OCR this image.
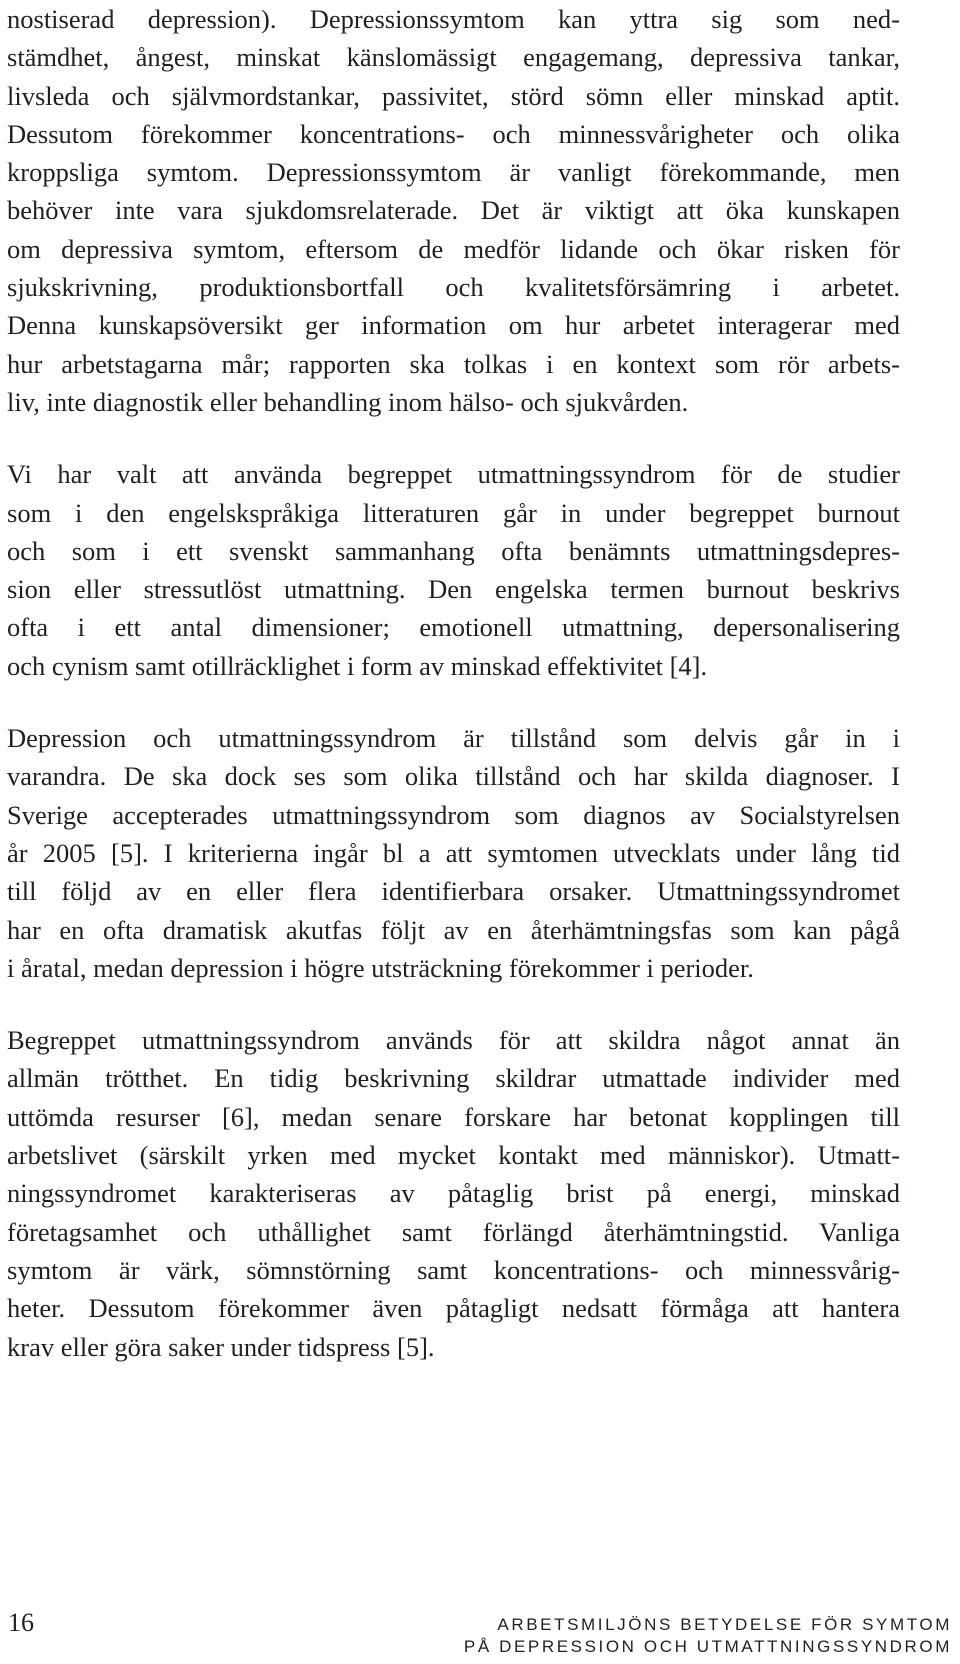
nostiserad depression). Depressionssymtom kan yttra sig som ned-
stämdhet, ångest, minskat känslomässigt engagemang, depressiva tankar,
livsleda och självmordstankar, passivitet, störd sömn eller minskad aptit.
Dessutom förekommer koncentrations- och minnessvårigheter och olika
kroppsliga symtom. Depressionssymtom är vanligt förekommande, men
behöver inte vara sjukdomsrelaterade. Det är viktigt att öka kunskapen
om depressiva symtom, eftersom de medför lidande och ökar risken för
sjukskrivning, produktionsbortfall och kvalitetsförsämring i arbetet.
Denna kunskapsöversikt ger information om hur arbetet interagerar med
hur arbetstagarna mår; rapporten ska tolkas i en kontext som rör arbets-
liv, inte diagnostik eller behandling inom hälso- och sjukvården.
Vi har valt att använda begreppet utmattningssyndrom för de studier
som i den engelskspråkiga litteraturen går in under begreppet burnout
och som i ett svenskt sammanhang ofta benämnts utmattningsdepres-
sion eller stressutlöst utmattning. Den engelska termen burnout beskrivs
ofta i ett antal dimensioner; emotionell utmattning, depersonalisering
och cynism samt otillräcklighet i form av minskad effektivitet [4].
Depression och utmattningssyndrom är tillstånd som delvis går in i
varandra. De ska dock ses som olika tillstånd och har skilda diagnoser. I
Sverige accepterades utmattningssyndrom som diagnos av Socialstyrelsen
år 2005 [5]. I kriterierna ingår bl a att symtomen utvecklats under lång tid
till följd av en eller flera identifierbara orsaker. Utmattningssyndromet
har en ofta dramatisk akutfas följt av en återhämtningsfas som kan pågå
i åratal, medan depression i högre utsträckning förekommer i perioder.
Begreppet utmattningssyndrom används för att skildra något annat än
allmän trötthet. En tidig beskrivning skildrar utmattade individer med
uttömda resurser [6], medan senare forskare har betonat kopplingen till
arbetslivet (särskilt yrken med mycket kontakt med människor). Utmatt-
ningssyndromet karakteriseras av påtaglig brist på energi, minskad
företagsamhet och uthållighet samt förlängd återhämtningstid. Vanliga
symtom är värk, sömnstörning samt koncentrations- och minnessvårig-
heter. Dessutom förekommer även påtagligt nedsatt förmåga att hantera
krav eller göra saker under tidspress [5].
16	ARBETSMILJÖNS BETYDELSE FÖR SYMTOM
PÅ DEPRESSION OCH UTMATTNINGSSYNDROM
